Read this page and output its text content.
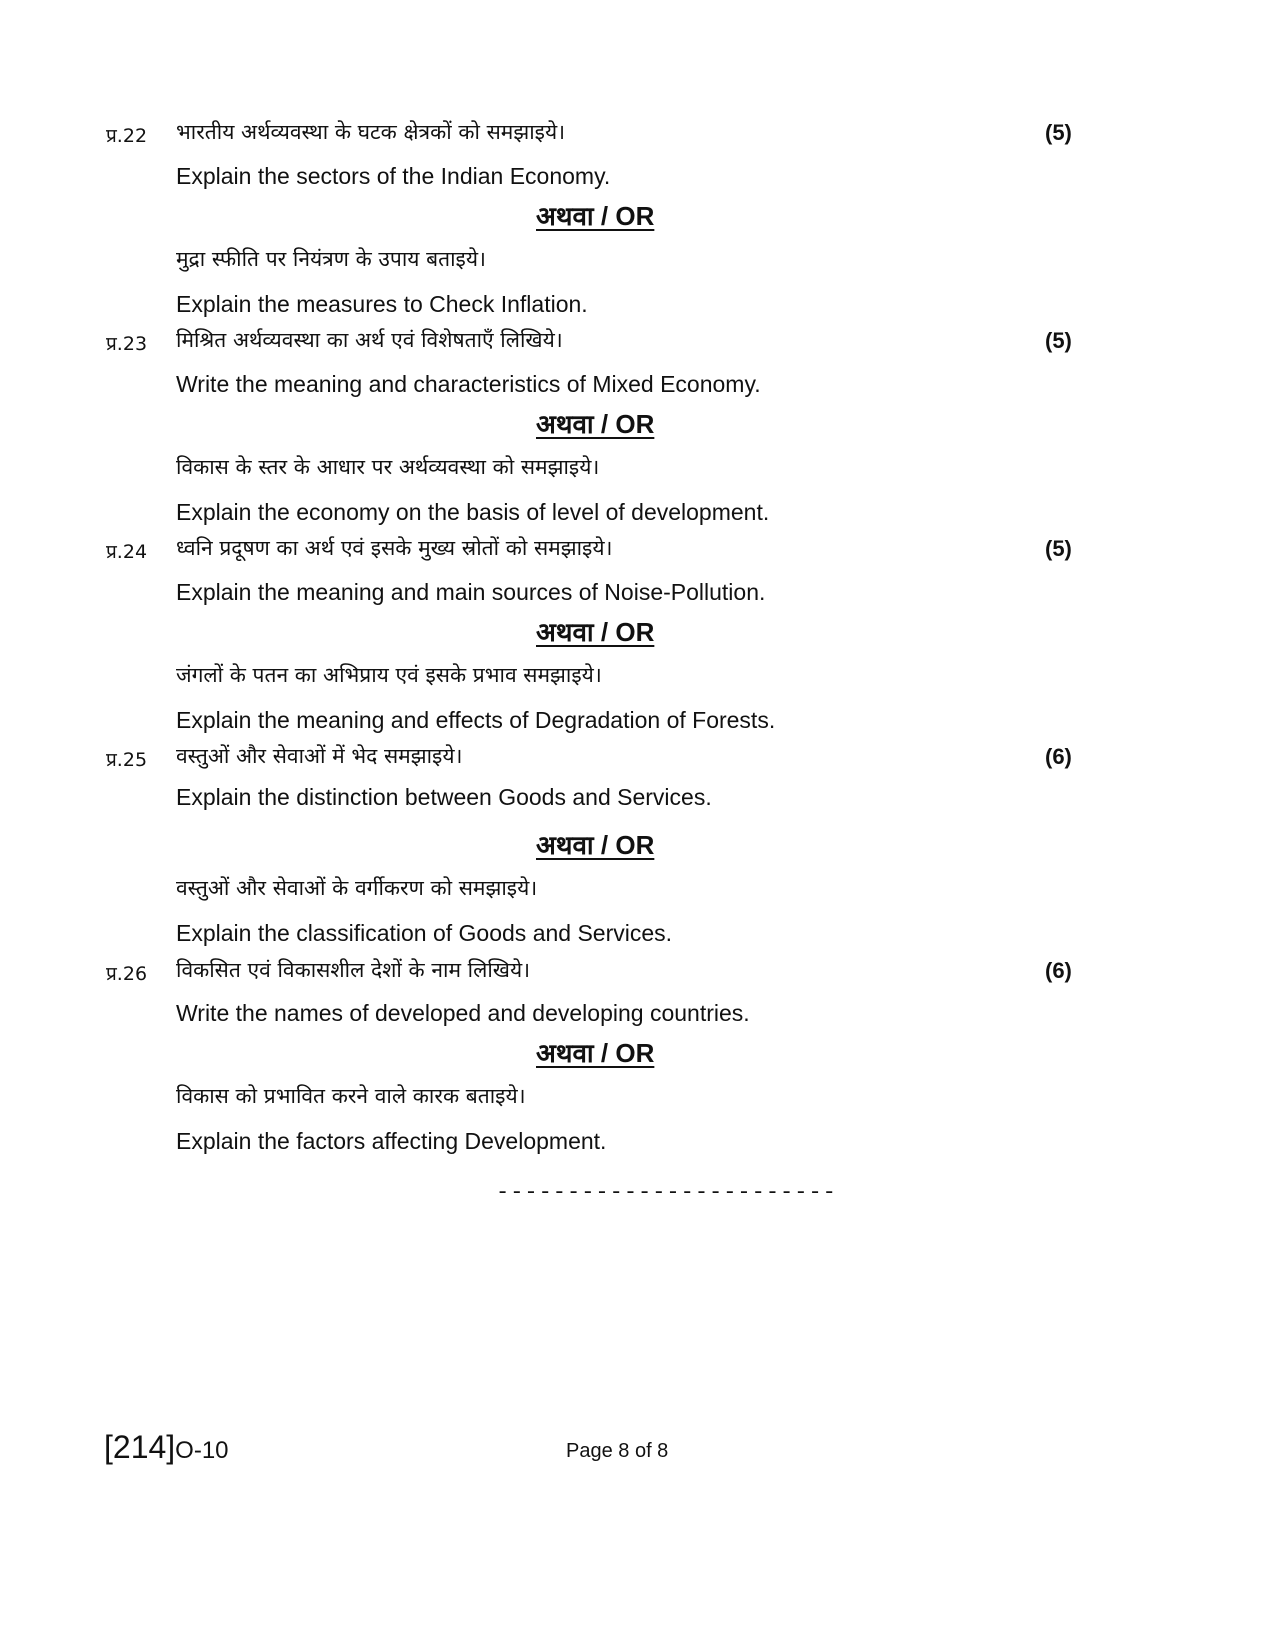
प्र.22 भारतीय अर्थव्यवस्था के घटक क्षेत्रकों को समझाइये।	(5)
Explain the sectors of the Indian Economy.
अथवा / OR
मुद्रा स्फीति पर नियंत्रण के उपाय बताइये।
Explain the measures to Check Inflation.
प्र.23 मिश्रित अर्थव्यवस्था का अर्थ एवं विशेषताएँ लिखिये।	(5)
Write the meaning and characteristics of Mixed Economy.
अथवा / OR
विकास के स्तर के आधार पर अर्थव्यवस्था को समझाइये।
Explain the economy on the basis of level of development.
प्र.24 ध्वनि प्रदूषण का अर्थ एवं इसके मुख्य स्रोतों को समझाइये।	(5)
Explain the meaning and main sources of Noise-Pollution.
अथवा / OR
जंगलों के पतन का अभिप्राय एवं इसके प्रभाव समझाइये।
Explain the meaning and effects of Degradation of Forests.
प्र.25 वस्तुओं और सेवाओं में भेद समझाइये।	(6)
Explain the distinction between Goods and Services.
अथवा / OR
वस्तुओं और सेवाओं के वर्गीकरण को समझाइये।
Explain the classification of Goods and Services.
प्र.26 विकसित एवं विकासशील देशों के नाम लिखिये।	(6)
Write the names of developed and developing countries.
अथवा / OR
विकास को प्रभावित करने वाले कारक बताइये।
Explain the factors affecting Development.
------------------------
[214]O-10	Page 8 of 8
